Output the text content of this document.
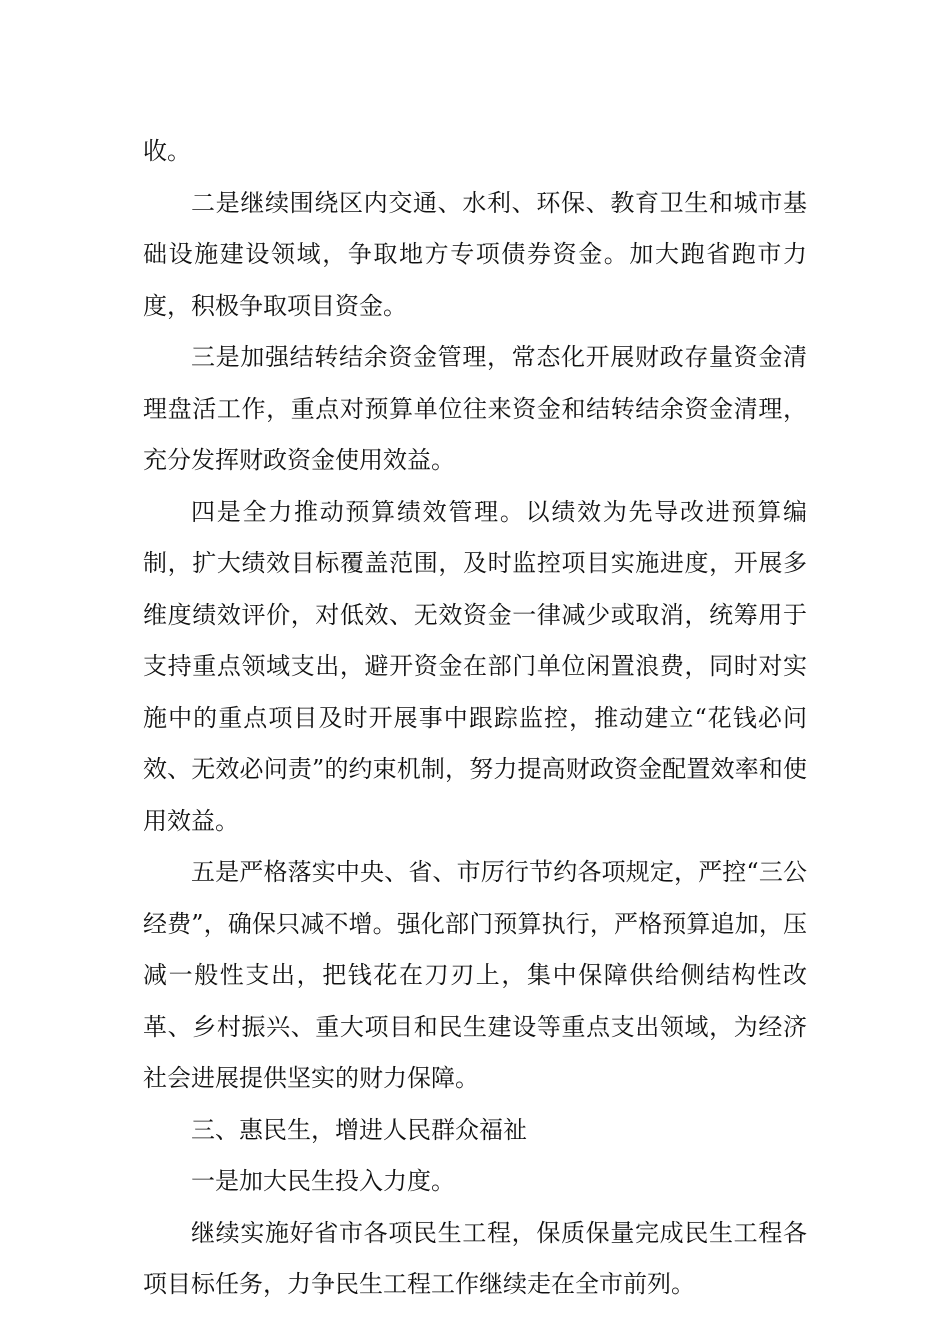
收。

二是继续围绕区内交通、水利、环保、教育卫生和城市基础设施建设领域，争取地方专项债券资金。加大跑省跑市力度，积极争取项目资金。

三是加强结转结余资金管理，常态化开展财政存量资金清理盘活工作，重点对预算单位往来资金和结转结余资金清理，充分发挥财政资金使用效益。

四是全力推动预算绩效管理。以绩效为先导改进预算编制，扩大绩效目标覆盖范围，及时监控项目实施进度，开展多维度绩效评价，对低效、无效资金一律减少或取消，统筹用于支持重点领域支出，避开资金在部门单位闲置浪费，同时对实施中的重点项目及时开展事中跟踪监控，推动建立“花钱必问效、无效必问责”的约束机制，努力提高财政资金配置效率和使用效益。

五是严格落实中央、省、市厉行节约各项规定，严控“三公经费”，确保只减不增。强化部门预算执行，严格预算追加，压减一般性支出，把钱花在刀刃上，集中保障供给侧结构性改革、乡村振兴、重大项目和民生建设等重点支出领域，为经济社会进展提供坚实的财力保障。

三、惠民生，增进人民群众福祉

一是加大民生投入力度。

继续实施好省市各项民生工程，保质保量完成民生工程各项目标任务，力争民生工程工作继续走在全市前列。
